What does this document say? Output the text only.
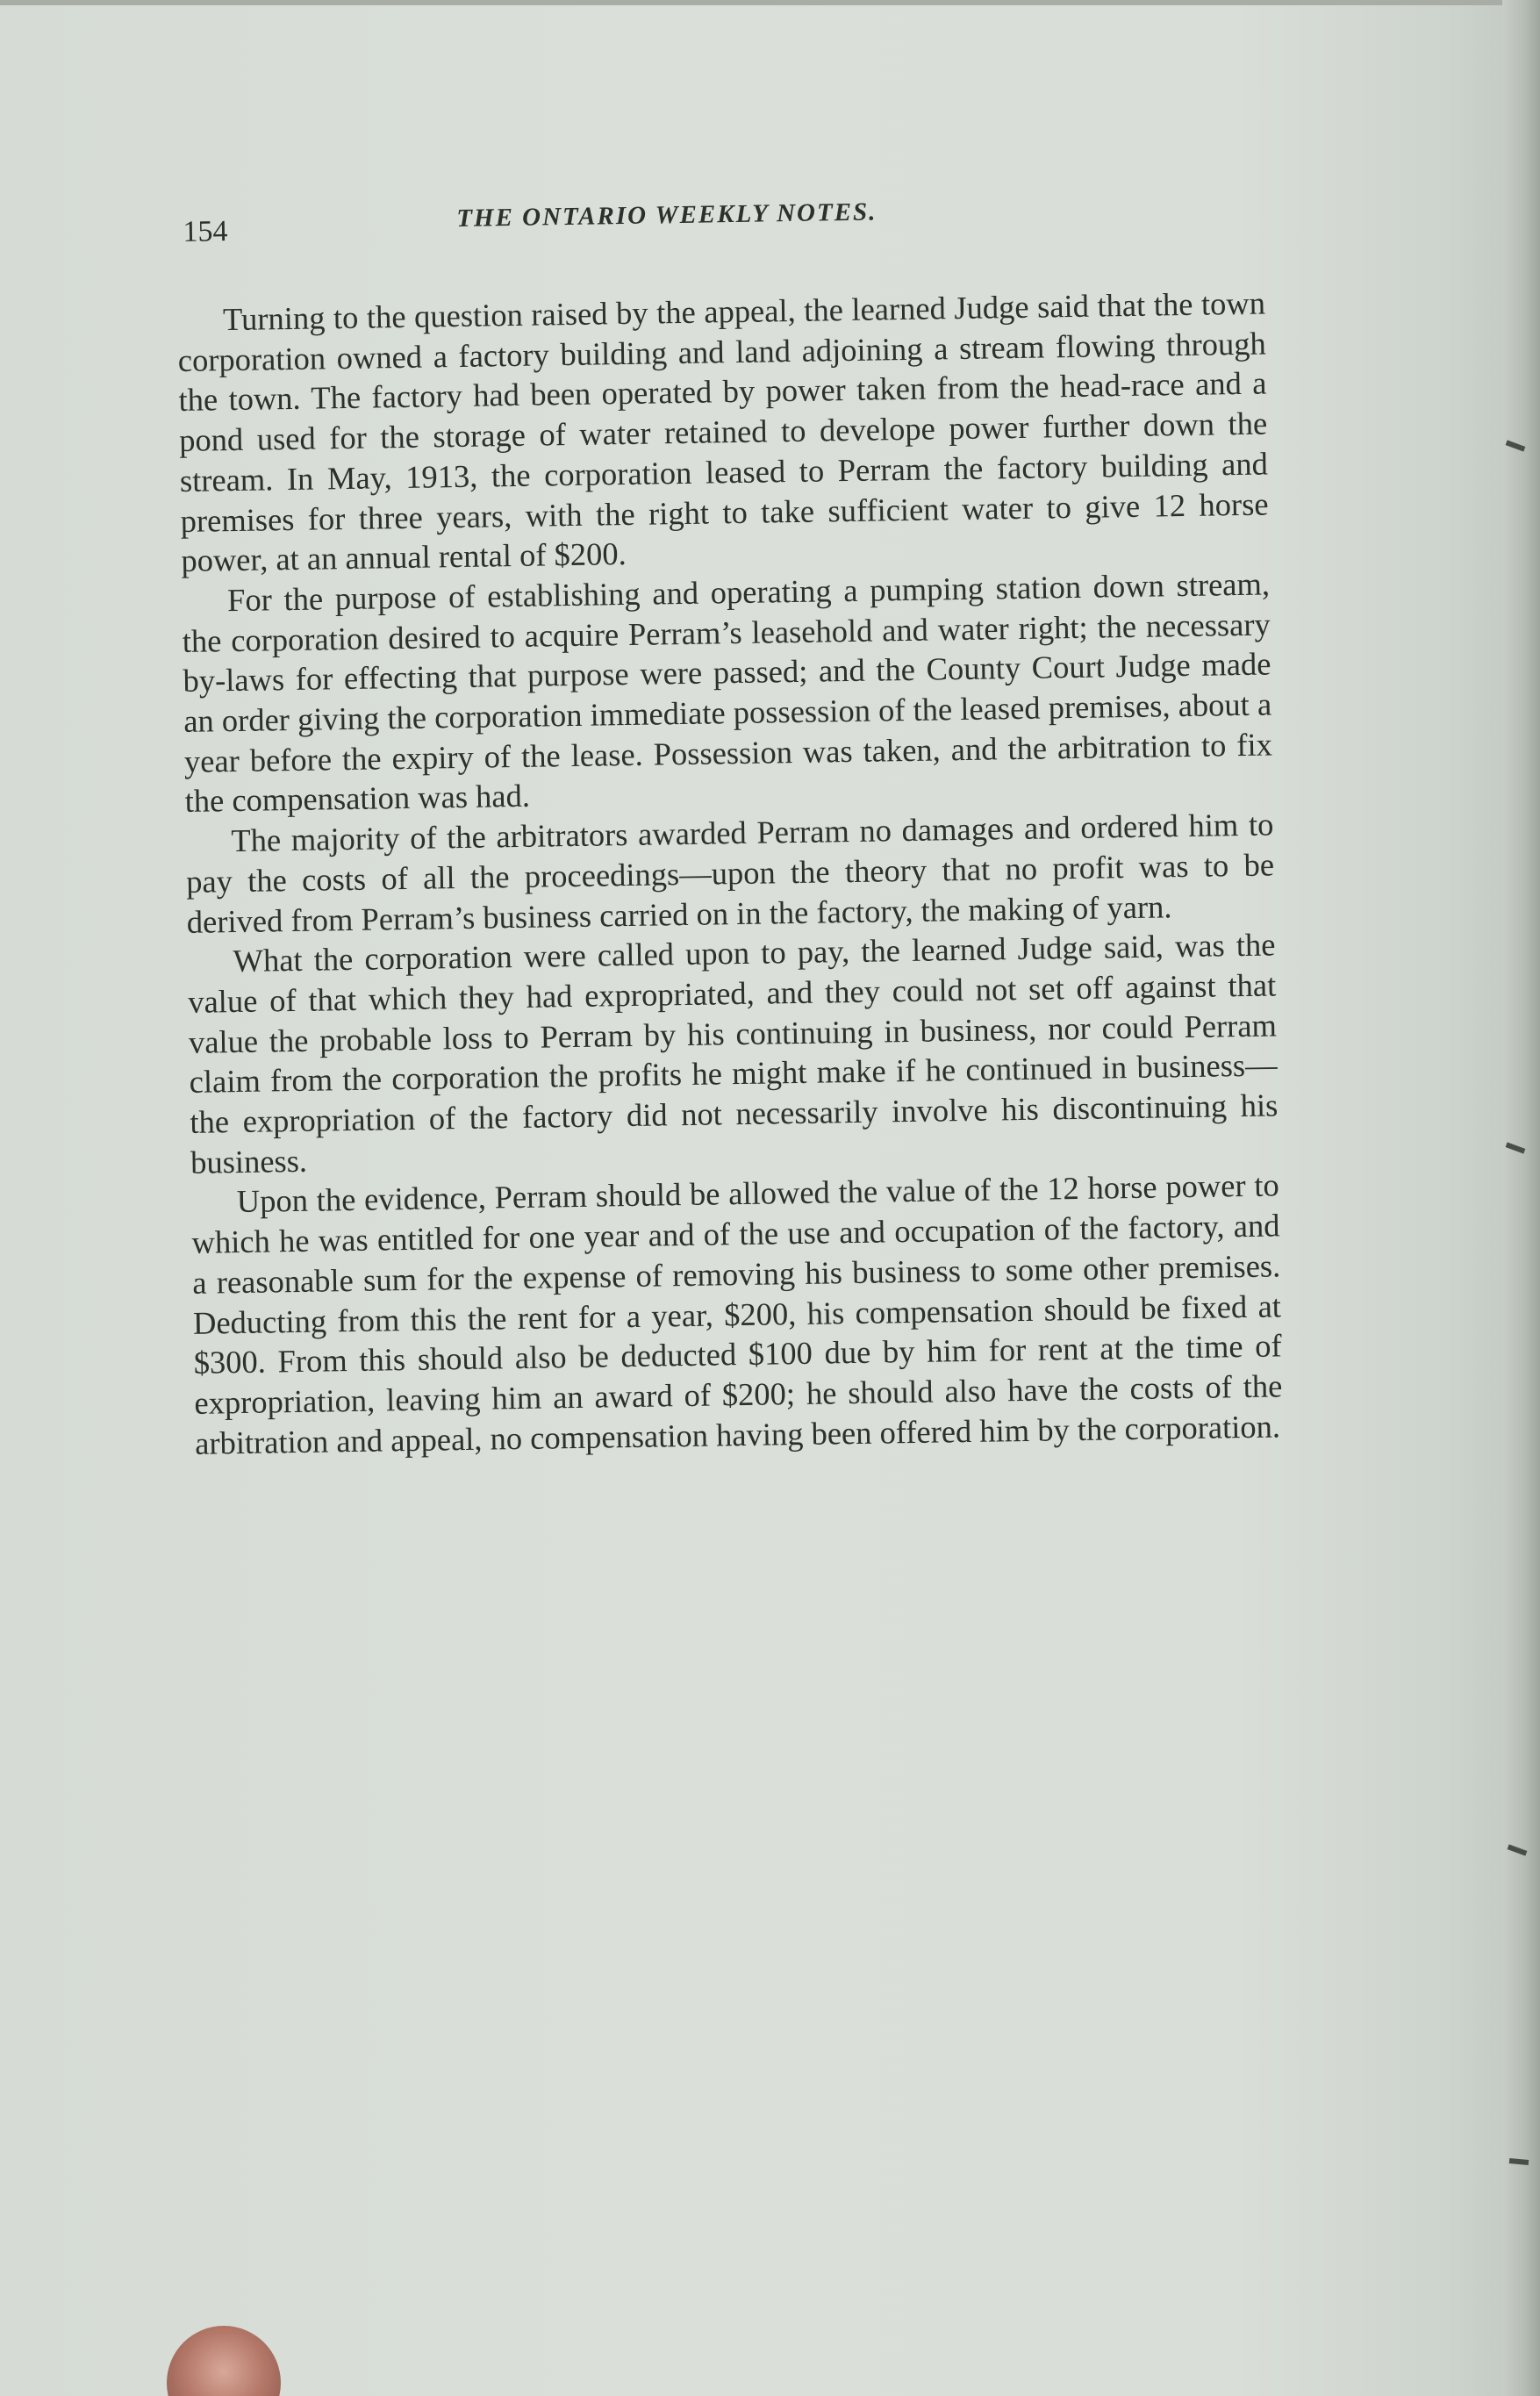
154	THE ONTARIO WEEKLY NOTES.

Turning to the question raised by the appeal, the learned Judge said that the town corporation owned a factory building and land adjoining a stream flowing through the town. The factory had been operated by power taken from the head-race and a pond used for the storage of water retained to develope power further down the stream. In May, 1913, the corporation leased to Perram the factory building and premises for three years, with the right to take sufficient water to give 12 horse power, at an annual rental of $200.

For the purpose of establishing and operating a pumping station down stream, the corporation desired to acquire Perram’s leasehold and water right; the necessary by-laws for effecting that purpose were passed; and the County Court Judge made an order giving the corporation immediate possession of the leased premises, about a year before the expiry of the lease. Possession was taken, and the arbitration to fix the compensation was had.

The majority of the arbitrators awarded Perram no damages and ordered him to pay the costs of all the proceedings—upon the theory that no profit was to be derived from Perram’s business carried on in the factory, the making of yarn.

What the corporation were called upon to pay, the learned Judge said, was the value of that which they had expropriated, and they could not set off against that value the probable loss to Perram by his continuing in business, nor could Perram claim from the corporation the profits he might make if he continued in business—the expropriation of the factory did not necessarily involve his discontinuing his business.

Upon the evidence, Perram should be allowed the value of the 12 horse power to which he was entitled for one year and of the use and occupation of the factory, and a reasonable sum for the expense of removing his business to some other premises. Deducting from this the rent for a year, $200, his compensation should be fixed at $300. From this should also be deducted $100 due by him for rent at the time of expropriation, leaving him an award of $200; he should also have the costs of the arbitration and appeal, no compensation having been offered him by the corporation.
